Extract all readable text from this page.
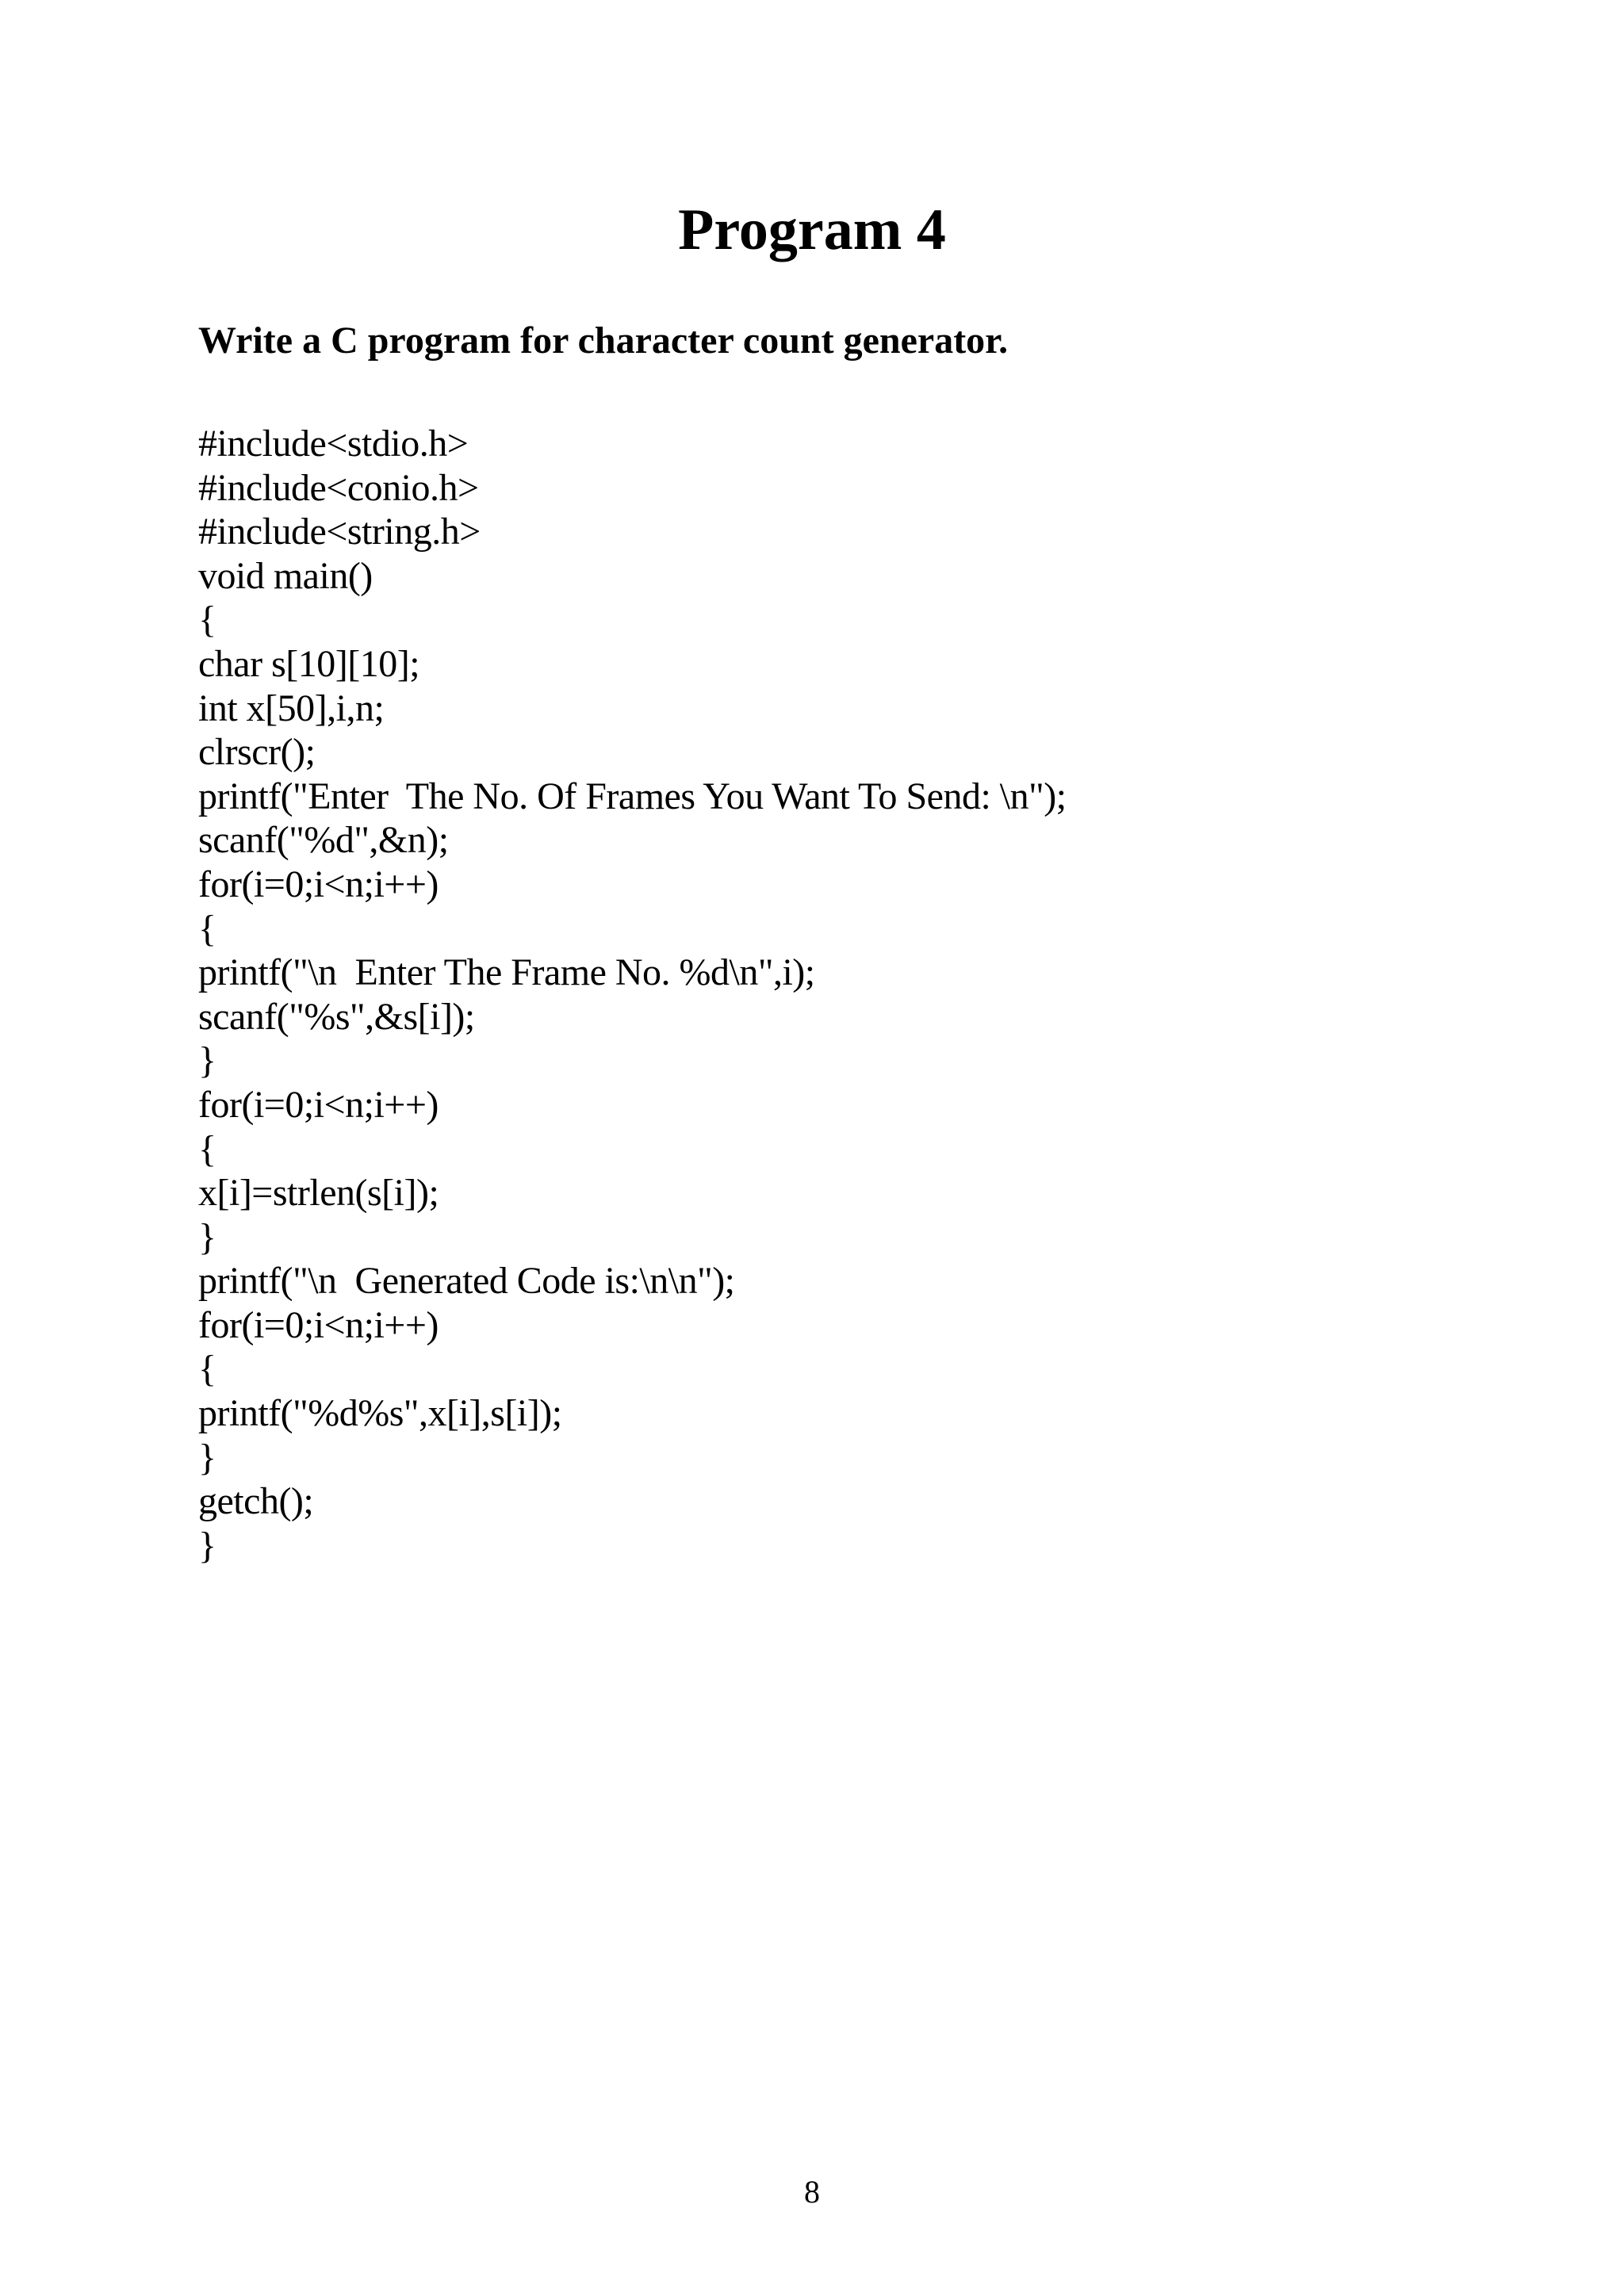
Program 4

Write a C program for character count generator.

#include<stdio.h>
#include<conio.h>
#include<string.h>
void main()
{
char s[10][10];
int x[50],i,n;
clrscr();
printf("Enter  The No. Of Frames You Want To Send: \n");
scanf("%d",&n);
for(i=0;i<n;i++)
{
printf("\n  Enter The Frame No. %d\n",i);
scanf("%s",&s[i]);
}
for(i=0;i<n;i++)
{
x[i]=strlen(s[i]);
}
printf("\n  Generated Code is:\n\n");
for(i=0;i<n;i++)
{
printf("%d%s",x[i],s[i]);
}
getch();
}
8
